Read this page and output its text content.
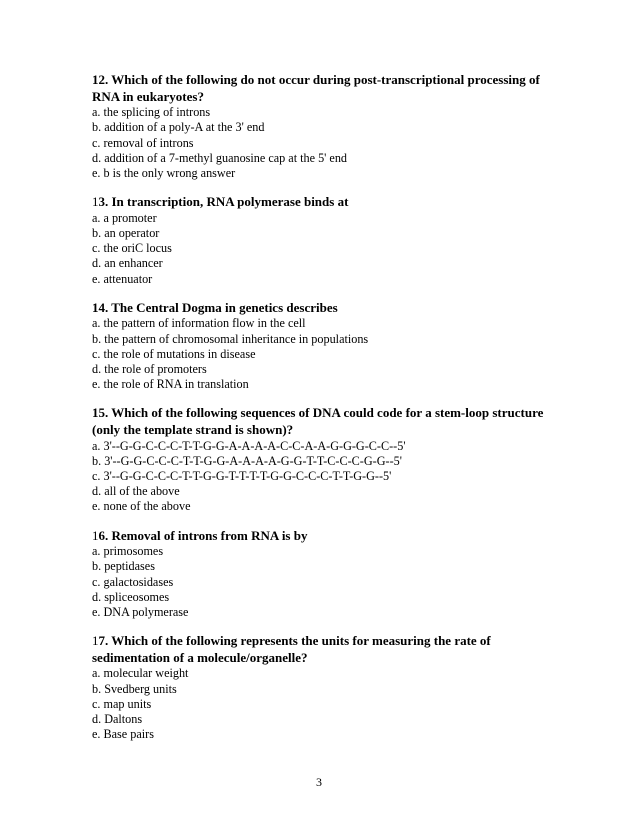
12. Which of the following do not occur during post-transcriptional processing of RNA in eukaryotes?

a. the splicing of introns
b. addition of a poly-A at the 3' end
c. removal of introns
d. addition of a 7-methyl guanosine cap at the 5' end
e. b is the only wrong answer

13. In transcription, RNA polymerase binds at

a. a promoter
b. an operator
c. the oriC locus
d. an enhancer
e. attenuator

14. The Central Dogma in genetics describes

a. the pattern of information flow in the cell
b. the pattern of chromosomal inheritance in populations
c. the role of mutations in disease
d. the role of promoters
e. the role of RNA in translation

15. Which of the following sequences of DNA could code for a stem-loop structure (only the template strand is shown)?

a. 3'--G-G-C-C-C-T-T-G-G-A-A-A-A-C-C-A-A-G-G-G-C-C--5'
b. 3'--G-G-C-C-C-T-T-G-G-A-A-A-A-G-G-T-T-C-C-C-G-G--5'
c. 3'--G-G-C-C-C-T-T-G-G-T-T-T-T-G-G-C-C-C-T-T-G-G--5'
d. all of the above
e. none of the above

16. Removal of introns from RNA is by

a. primosomes
b. peptidases
c. galactosidases
d. spliceosomes
e. DNA polymerase

17. Which of the following represents the units for measuring the rate of sedimentation of a molecule/organelle?

a. molecular weight
b. Svedberg units
c. map units
d. Daltons
e. Base pairs
3
